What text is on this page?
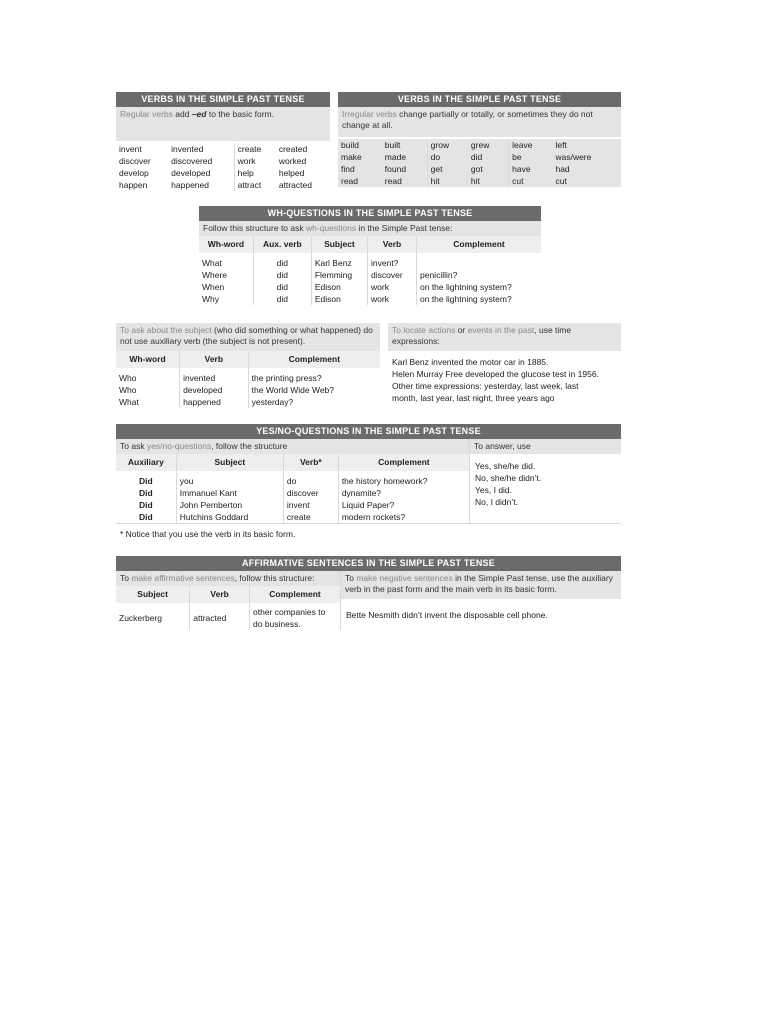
VERBS IN THE SIMPLE PAST TENSE
Regular verbs add –ed to the basic form.
invent	invented	create	created
discover	discovered	work	worked
develop	developed	help	helped
happen	happened	attract	attracted
VERBS IN THE SIMPLE PAST TENSE
Irregular verbs change partially or totally, or sometimes they do not change at all.
build	built	grow	grew	leave	left
make	made	do	did	be	was/were
find	found	get	got	have	had
read	read	hit	hit	cut	cut
WH-QUESTIONS IN THE SIMPLE PAST TENSE
Follow this structure to ask wh-questions in the Simple Past tense:
Wh-word	Aux. verb	Subject	Verb	Complement
What	did	Karl Benz	invent?	
Where	did	Flemming	discover	penicillin?
When	did	Edison	work	on the lightning system?
Why	did	Edison	work	on the lightning system?
To ask about the subject (who did something or what happened) do not use auxiliary verb (the subject is not present).
Wh-word	Verb	Complement
Who	invented	the printing press?
Who	developed	the World Wide Web?
What	happened	yesterday?
To locate actions or events in the past, use time expressions:
Karl Benz invented the motor car in 1885.
Helen Murray Free developed the glucose test in 1956.
Other time expressions: yesterday, last week, last
month, last year, last night, three years ago
YES/NO-QUESTIONS IN THE SIMPLE PAST TENSE
To ask yes/no-questions, follow the structure
Auxiliary	Subject	Verb*	Complement
Did	you	do	the history homework?
Did	Immanuel Kant	discover	dynamite?
Did	John Pemberton	invent	Liquid Paper?
Did	Hutchins Goddard	create	modern rockets?
To answer, use
Yes, she/he did.
No, she/he didn’t.
Yes, I did.
No, I didn’t.
* Notice that you use the verb in its basic form.
AFFIRMATIVE SENTENCES IN THE SIMPLE PAST TENSE
To make affirmative sentences, follow this structure:
Subject	Verb	Complement
Zuckerberg	attracted	other companies to do business.
To make negative sentences in the Simple Past tense, use the auxiliary verb in the past form and the main verb in its basic form.
Bette Nesmith didn’t invent the disposable cell phone.
